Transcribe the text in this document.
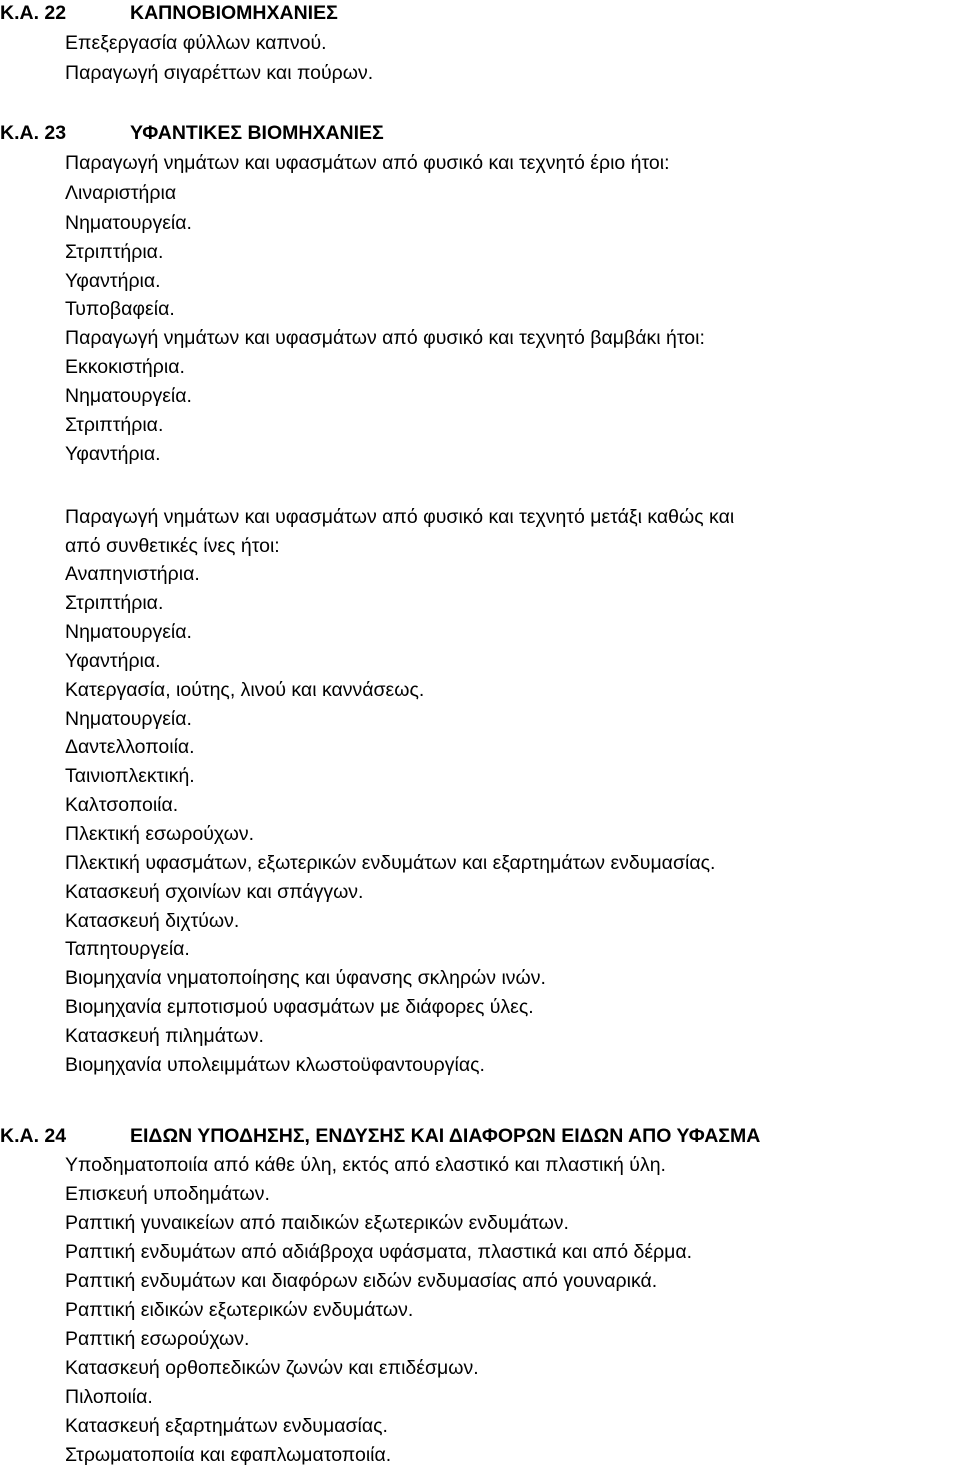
Κ.Α. 22	ΚΑΠΝΟΒΙΟΜΗΧΑΝΙΕΣ
Επεξεργασία φύλλων καπνού.
Παραγωγή σιγαρέττων και πούρων.
Κ.Α. 23	ΥΦΑΝΤΙΚΕΣ ΒΙΟΜΗΧΑΝΙΕΣ
Παραγωγή νημάτων και υφασμάτων από φυσικό και τεχνητό έριο ήτοι:
Λιναριστήρια
Νηματουργεία.
Στριπτήρια.
Υφαντήρια.
Τυποβαφεία.
Παραγωγή νημάτων και υφασμάτων από φυσικό και τεχνητό βαμβάκι ήτοι:
Εκκοκιστήρια.
Νηματουργεία.
Στριπτήρια.
Υφαντήρια.
Παραγωγή νημάτων και υφασμάτων από φυσικό και τεχνητό μετάξι καθώς και
από συνθετικές ίνες ήτοι:
Αναπηνιστήρια.
Στριπτήρια.
Νηματουργεία.
Υφαντήρια.
Κατεργασία, ιούτης, λινού και καννάσεως.
Νηματουργεία.
Δαντελλοποιία.
Ταινιοπλεκτική.
Καλτσοποιία.
Πλεκτική εσωρούχων.
Πλεκτική υφασμάτων, εξωτερικών ενδυμάτων και εξαρτημάτων ενδυμασίας.
Κατασκευή σχοινίων και σπάγγων.
Κατασκευή διχτύων.
Ταπητουργεία.
Βιομηχανία νηματοποίησης και ύφανσης σκληρών ινών.
Βιομηχανία εμποτισμού υφασμάτων με διάφορες ύλες.
Κατασκευή πιλημάτων.
Βιομηχανία υπολειμμάτων κλωστοϋφαντουργίας.
Κ.Α. 24	ΕΙΔΩΝ ΥΠΟΔΗΣΗΣ, ΕΝΔΥΣΗΣ ΚΑΙ ΔΙΑΦΟΡΩΝ ΕΙΔΩΝ ΑΠΟ ΥΦΑΣΜΑ
Υποδηματοποιία από κάθε ύλη, εκτός από ελαστικό και πλαστική ύλη.
Επισκευή υποδημάτων.
Ραπτική γυναικείων από παιδικών εξωτερικών ενδυμάτων.
Ραπτική ενδυμάτων από αδιάβροχα υφάσματα, πλαστικά και από δέρμα.
Ραπτική ενδυμάτων και διαφόρων ειδών ενδυμασίας από γουναρικά.
Ραπτική ειδικών εξωτερικών ενδυμάτων.
Ραπτική εσωρούχων.
Κατασκευή ορθοπεδικών ζωνών και επιδέσμων.
Πιλοποιία.
Κατασκευή εξαρτημάτων ενδυμασίας.
Στρωματοποιία και εφαπλωματοποιία.
